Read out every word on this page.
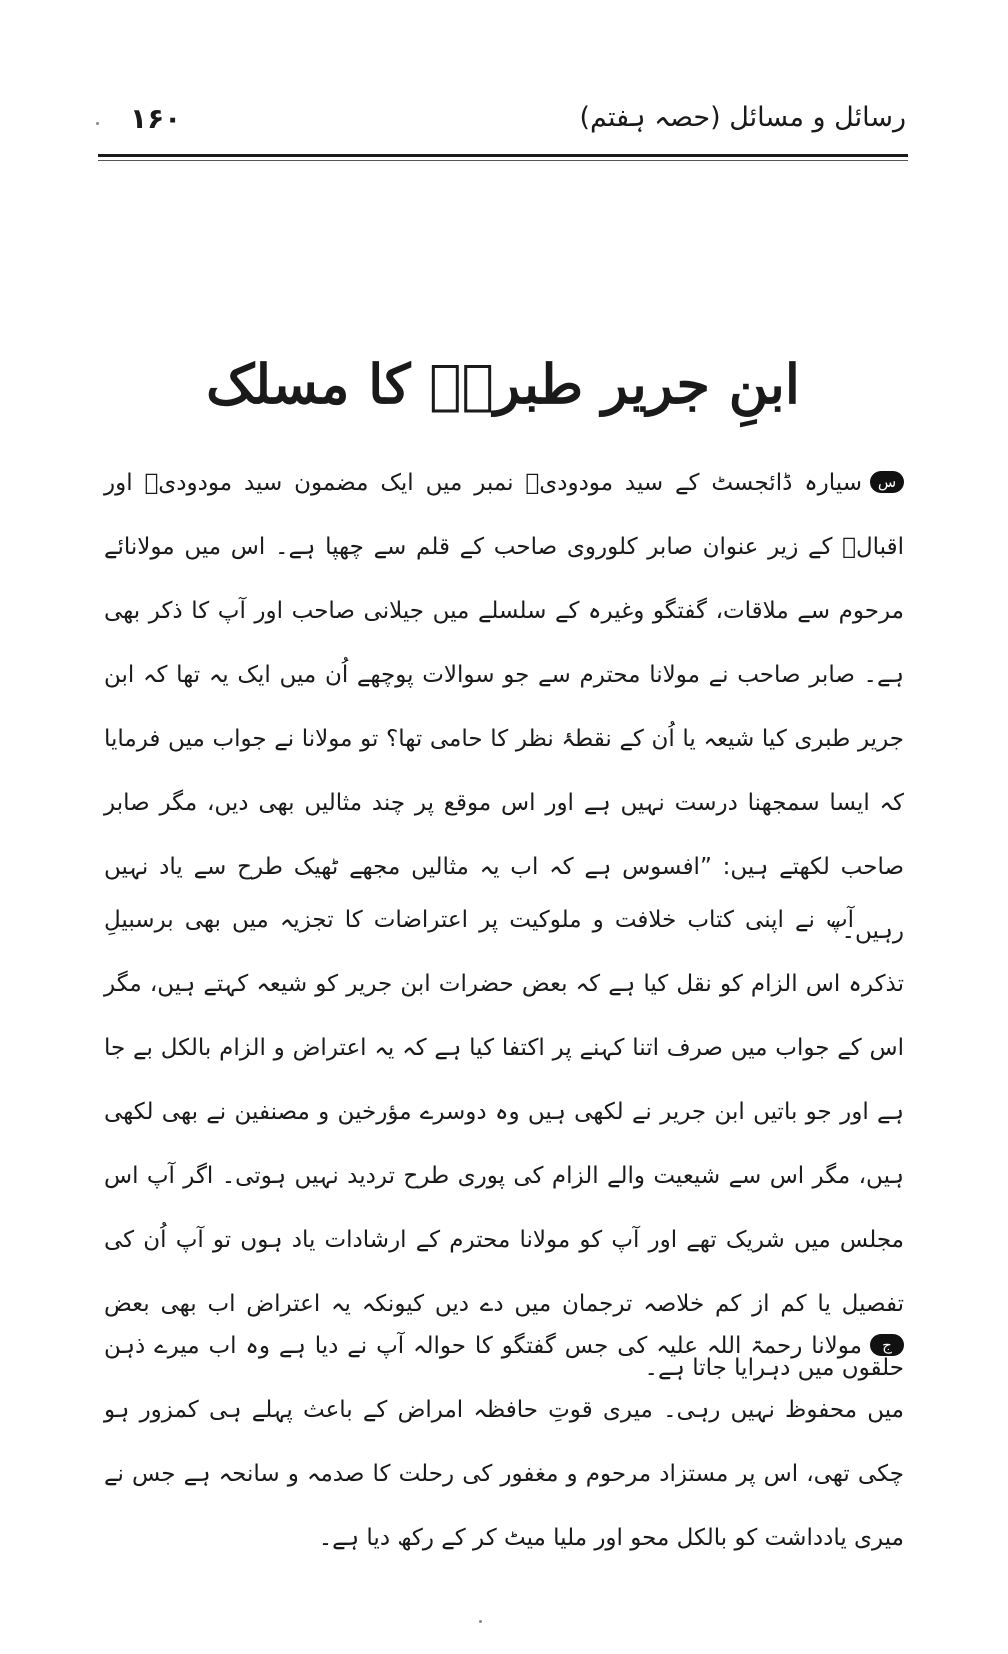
رسائل و مسائل (حصہ ہفتم)
۱۶۰
ابنِ جریر طبریؒ کا مسلک
سسیارہ ڈائجسٹ کے سید مودودیؒ نمبر میں ایک مضمون سید مودودیؒ اور اقبالؒ کے زیر عنوان صابر کلوروی صاحب کے قلم سے چھپا ہے۔ اس میں مولانائے مرحوم سے ملاقات، گفتگو وغیرہ کے سلسلے میں جیلانی صاحب اور آپ کا ذکر بھی ہے۔ صابر صاحب نے مولانا محترم سے جو سوالات پوچھے اُن میں ایک یہ تھا کہ ابن جریر طبری کیا شیعہ یا اُن کے نقطۂ نظر کا حامی تھا؟ تو مولانا نے جواب میں فرمایا کہ ایسا سمجھنا درست نہیں ہے اور اس موقع پر چند مثالیں بھی دیں، مگر صابر صاحب لکھتے ہیں: ”افسوس ہے کہ اب یہ مثالیں مجھے ٹھیک طرح سے یاد نہیں رہیں۔“
آپ نے اپنی کتاب خلافت و ملوکیت پر اعتراضات کا تجزیہ میں بھی برسبیلِ تذکرہ اس الزام کو نقل کیا ہے کہ بعض حضرات ابن جریر کو شیعہ کہتے ہیں، مگر اس کے جواب میں صرف اتنا کہنے پر اکتفا کیا ہے کہ یہ اعتراض و الزام بالکل بے جا ہے اور جو باتیں ابن جریر نے لکھی ہیں وہ دوسرے مؤرخین و مصنفین نے بھی لکھی ہیں، مگر اس سے شیعیت والے الزام کی پوری طرح تردید نہیں ہوتی۔ اگر آپ اس مجلس میں شریک تھے اور آپ کو مولانا محترم کے ارشادات یاد ہوں تو آپ اُن کی تفصیل یا کم از کم خلاصہ ترجمان میں دے دیں کیونکہ یہ اعتراض اب بھی بعض حلقوں میں دہرایا جاتا ہے۔
جمولانا رحمۃ اللہ علیہ کی جس گفتگو کا حوالہ آپ نے دیا ہے وہ اب میرے ذہن میں محفوظ نہیں رہی۔ میری قوتِ حافظہ امراض کے باعث پہلے ہی کمزور ہو چکی تھی، اس پر مستزاد مرحوم و مغفور کی رحلت کا صدمہ و سانحہ ہے جس نے میری یادداشت کو بالکل محو اور ملیا میٹ کر کے رکھ دیا ہے۔
